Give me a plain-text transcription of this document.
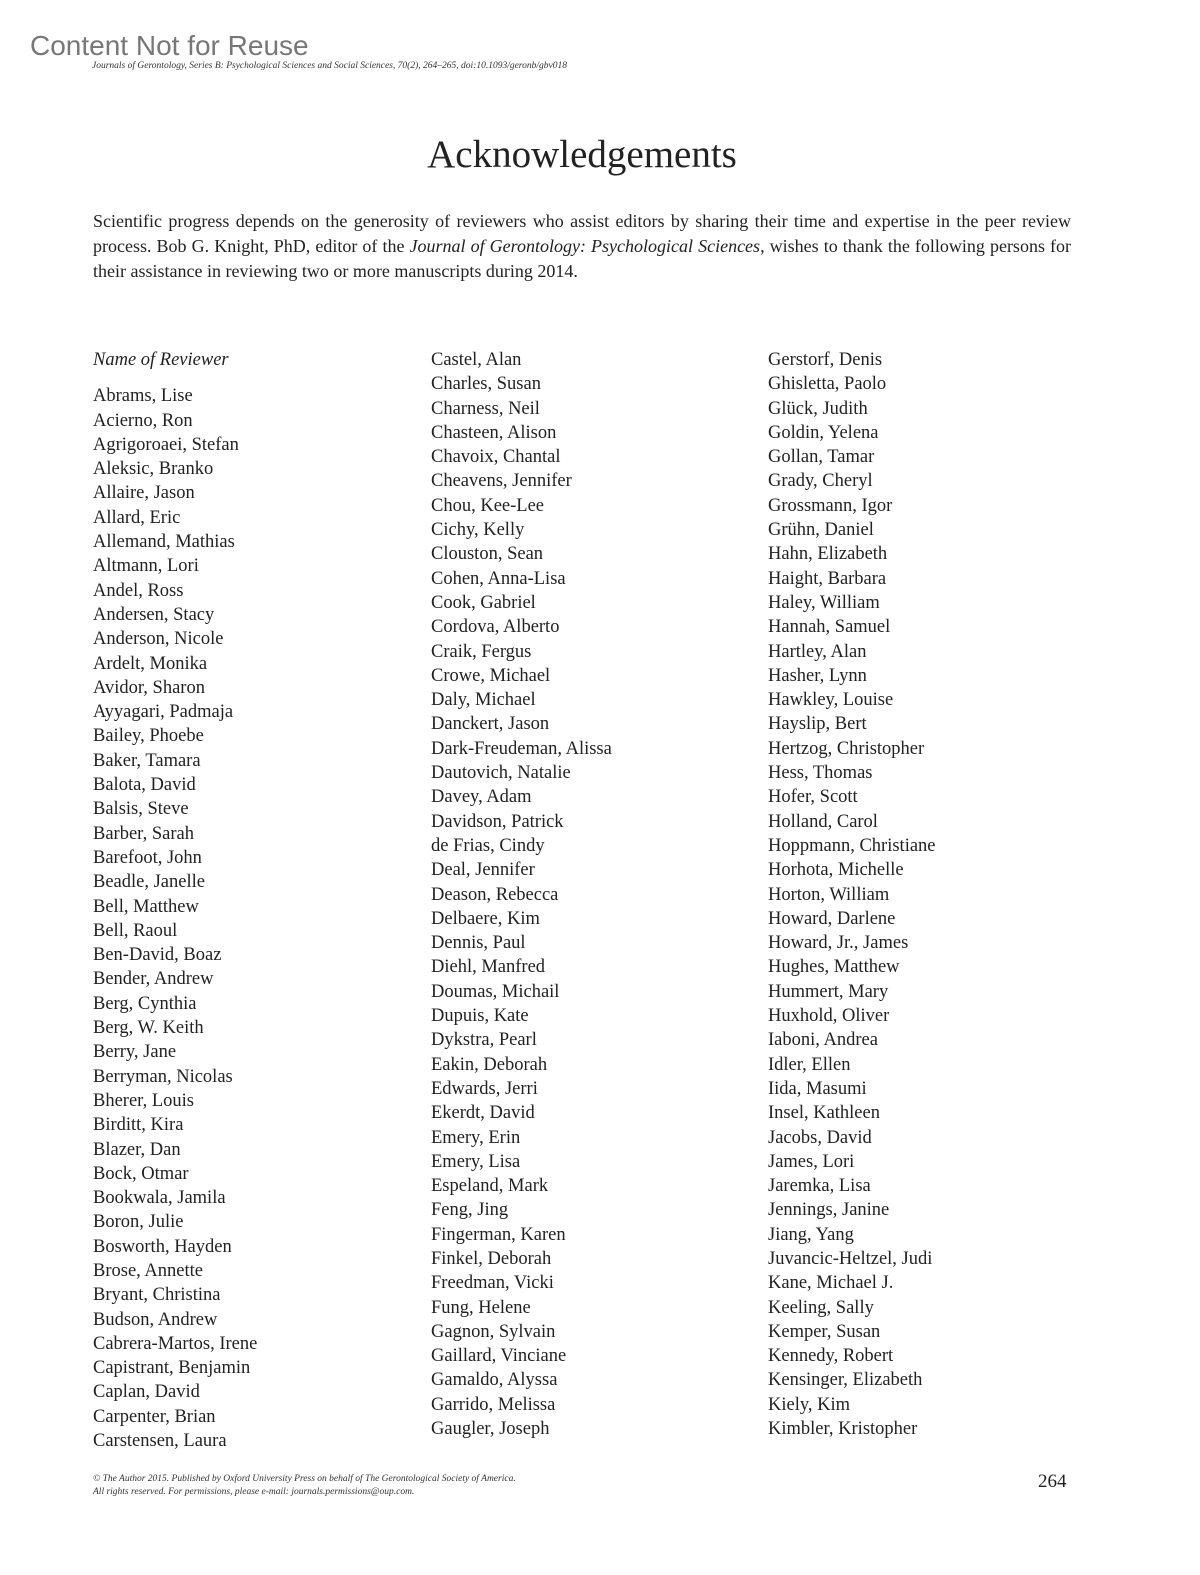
Content Not for Reuse
Journals of Gerontology, Series B: Psychological Sciences and Social Sciences, 70(2), 264–265, doi:10.1093/geronb/gbv018
Acknowledgements

Scientific progress depends on the generosity of reviewers who assist editors by sharing their time and expertise in the peer review process. Bob G. Knight, PhD, editor of the Journal of Gerontology: Psychological Sciences, wishes to thank the following persons for their assistance in reviewing two or more manuscripts during 2014.

Name of Reviewer
Abrams, Lise
Acierno, Ron
Agrigoroaei, Stefan
Aleksic, Branko
Allaire, Jason
Allard, Eric
Allemand, Mathias
Altmann, Lori
Andel, Ross
Andersen, Stacy
Anderson, Nicole
Ardelt, Monika
Avidor, Sharon
Ayyagari, Padmaja
Bailey, Phoebe
Baker, Tamara
Balota, David
Balsis, Steve
Barber, Sarah
Barefoot, John
Beadle, Janelle
Bell, Matthew
Bell, Raoul
Ben-David, Boaz
Bender, Andrew
Berg, Cynthia
Berg, W. Keith
Berry, Jane
Berryman, Nicolas
Bherer, Louis
Birditt, Kira
Blazer, Dan
Bock, Otmar
Bookwala, Jamila
Boron, Julie
Bosworth, Hayden
Brose, Annette
Bryant, Christina
Budson, Andrew
Cabrera-Martos, Irene
Capistrant, Benjamin
Caplan, David
Carpenter, Brian
Carstensen, Laura
Castel, Alan
Charles, Susan
Charness, Neil
Chasteen, Alison
Chavoix, Chantal
Cheavens, Jennifer
Chou, Kee-Lee
Cichy, Kelly
Clouston, Sean
Cohen, Anna-Lisa
Cook, Gabriel
Cordova, Alberto
Craik, Fergus
Crowe, Michael
Daly, Michael
Danckert, Jason
Dark-Freudeman, Alissa
Dautovich, Natalie
Davey, Adam
Davidson, Patrick
de Frias, Cindy
Deal, Jennifer
Deason, Rebecca
Delbaere, Kim
Dennis, Paul
Diehl, Manfred
Doumas, Michail
Dupuis, Kate
Dykstra, Pearl
Eakin, Deborah
Edwards, Jerri
Ekerdt, David
Emery, Erin
Emery, Lisa
Espeland, Mark
Feng, Jing
Fingerman, Karen
Finkel, Deborah
Freedman, Vicki
Fung, Helene
Gagnon, Sylvain
Gaillard, Vinciane
Gamaldo, Alyssa
Garrido, Melissa
Gaugler, Joseph
Gerstorf, Denis
Ghisletta, Paolo
Glück, Judith
Goldin, Yelena
Gollan, Tamar
Grady, Cheryl
Grossmann, Igor
Grühn, Daniel
Hahn, Elizabeth
Haight, Barbara
Haley, William
Hannah, Samuel
Hartley, Alan
Hasher, Lynn
Hawkley, Louise
Hayslip, Bert
Hertzog, Christopher
Hess, Thomas
Hofer, Scott
Holland, Carol
Hoppmann, Christiane
Horhota, Michelle
Horton, William
Howard, Darlene
Howard, Jr., James
Hughes, Matthew
Hummert, Mary
Huxhold, Oliver
Iaboni, Andrea
Idler, Ellen
Iida, Masumi
Insel, Kathleen
Jacobs, David
James, Lori
Jaremka, Lisa
Jennings, Janine
Jiang, Yang
Juvancic-Heltzel, Judi
Kane, Michael J.
Keeling, Sally
Kemper, Susan
Kennedy, Robert
Kensinger, Elizabeth
Kiely, Kim
Kimbler, Kristopher
© The Author 2015. Published by Oxford University Press on behalf of The Gerontological Society of America.
All rights reserved. For permissions, please e-mail: journals.permissions@oup.com.	264
